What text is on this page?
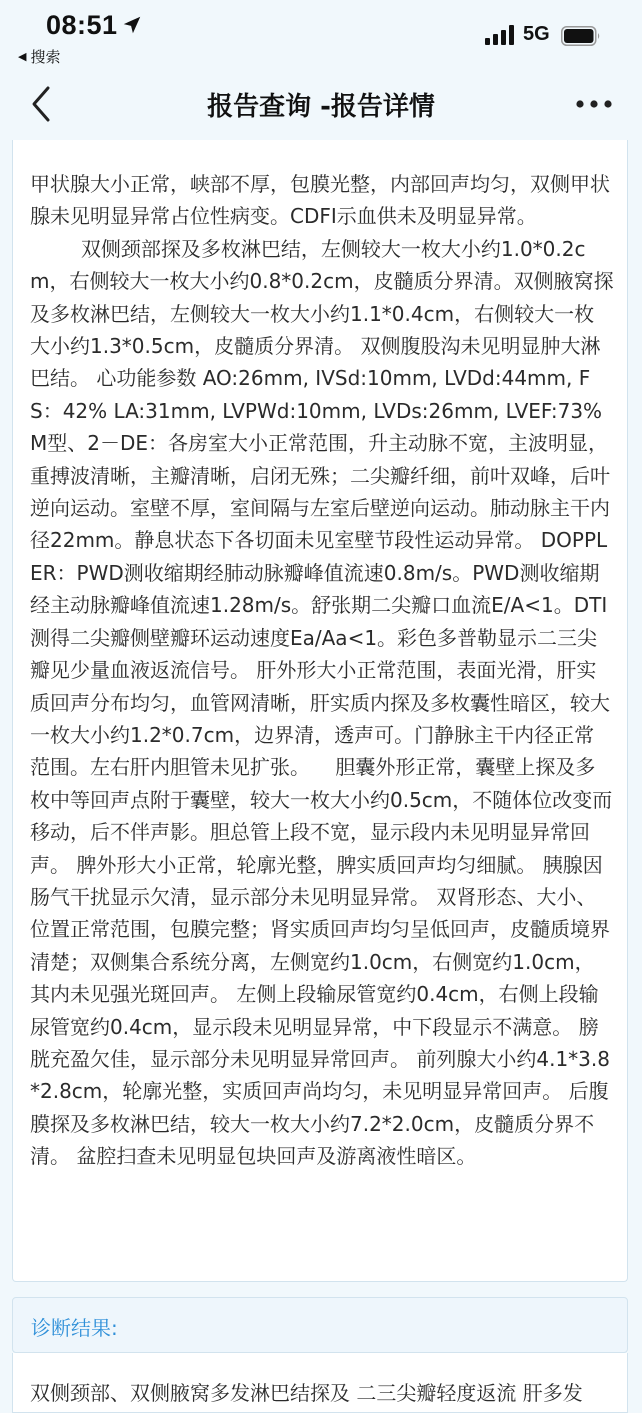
08:51
◀ 搜索
5G
报告查询 -报告详情

甲状腺大小正常，峡部不厚，包膜光整，内部回声均匀，双侧甲状腺未见明显异常占位性病变。CDFI示血供未及明显异常。
双侧颈部探及多枚淋巴结，左侧较大一枚大小约1.0*0.2cm，右侧较大一枚大小约0.8*0.2cm，皮髓质分界清。双侧腋窝探及多枚淋巴结，左侧较大一枚大小约1.1*0.4cm，右侧较大一枚大小约1.3*0.5cm，皮髓质分界清。 双侧腹股沟未见明显肿大淋巴结。 心功能参数 AO:26mm, IVSd:10mm, LVDd:44mm, FS：42% LA:31mm, LVPWd:10mm, LVDs:26mm, LVEF:73% M型、2－DE：各房室大小正常范围，升主动脉不宽，主波明显，重搏波清晰，主瓣清晰，启闭无殊；二尖瓣纤细，前叶双峰，后叶逆向运动。室壁不厚，室间隔与左室后壁逆向运动。肺动脉主干内径22mm。静息状态下各切面未见室壁节段性运动异常。 DOPPLER：PWD测收缩期经肺动脉瓣峰值流速0.8m/s。PWD测收缩期经主动脉瓣峰值流速1.28m/s。舒张期二尖瓣口血流E/A<1。DTI测得二尖瓣侧壁瓣环运动速度Ea/Aa<1。彩色多普勒显示二三尖瓣见少量血液返流信号。 肝外形大小正常范围，表面光滑，肝实质回声分布均匀，血管网清晰，肝实质内探及多枚囊性暗区，较大一枚大小约1.2*0.7cm，边界清，透声可。门静脉主干内径正常范围。左右肝内胆管未见扩张。    胆囊外形正常，囊壁上探及多枚中等回声点附于囊壁，较大一枚大小约0.5cm，不随体位改变而移动，后不伴声影。胆总管上段不宽，显示段内未见明显异常回声。 脾外形大小正常，轮廓光整，脾实质回声均匀细腻。 胰腺因肠气干扰显示欠清，显示部分未见明显异常。 双肾形态、大小、位置正常范围，包膜完整；肾实质回声均匀呈低回声，皮髓质境界清楚；双侧集合系统分离，左侧宽约1.0cm，右侧宽约1.0cm，其内未见强光斑回声。 左侧上段输尿管宽约0.4cm，右侧上段输尿管宽约0.4cm，显示段未见明显异常，中下段显示不满意。 膀胱充盈欠佳，显示部分未见明显异常回声。 前列腺大小约4.1*3.8*2.8cm，轮廓光整，实质回声尚均匀，未见明显异常回声。 后腹膜探及多枚淋巴结，较大一枚大小约7.2*2.0cm，皮髓质分界不清。 盆腔扫查未见明显包块回声及游离液性暗区。

诊断结果:
双侧颈部、双侧腋窝多发淋巴结探及 二三尖瓣轻度返流 肝多发
